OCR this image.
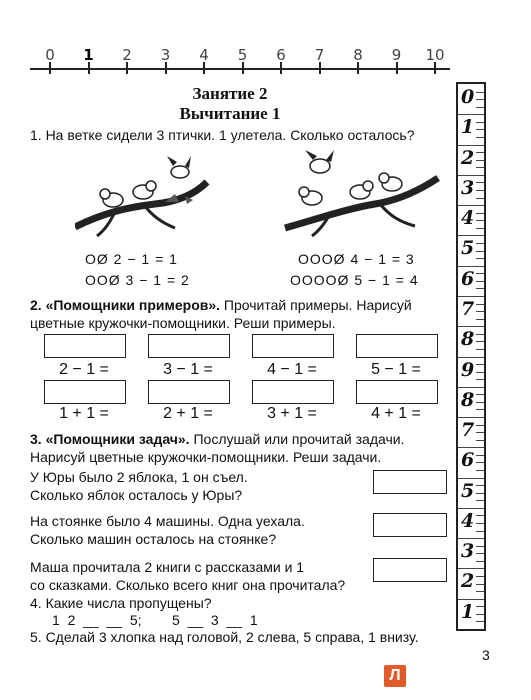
Занятие 2
Вычитание 1
1. На ветке сидели 3 птички. 1 улетела. Сколько осталось?
ОØ 2 − 1 = 1
ООØ 3 − 1 = 2
ОООØ 4 − 1 = 3
ООООØ 5 − 1 = 4
2. «Помощники примеров». Прочитай примеры. Нарисуй
цветные кружочки-помощники. Реши примеры.
2 − 1 =	3 − 1 =	4 − 1 =	5 − 1 =
1 + 1 =	2 + 1 =	3 + 1 =	4 + 1 =
3. «Помощники задач». Послушай или прочитай задачи.
Нарисуй цветные кружочки-помощники. Реши задачи.
У Юры было 2 яблока, 1 он съел.
Сколько яблок осталось у Юры?
На стоянке было 4 машины. Одна уехала.
Сколько машин осталось на стоянке?
Маша прочитала 2 книги с рассказами и 1
со сказками. Сколько всего книг она прочитала?
4. Какие числа пропущены?
1  2  __  __  5; 5  __  3  __  1
5. Сделай 3 хлопка над головой, 2 слева, 5 справа, 1 внизу.
0
1
2
3
4
5
6
7
8
9
8
7
6
5
4
3
2
1
3
Л
0	1	2	3	4	5	6	7	8	9	10
